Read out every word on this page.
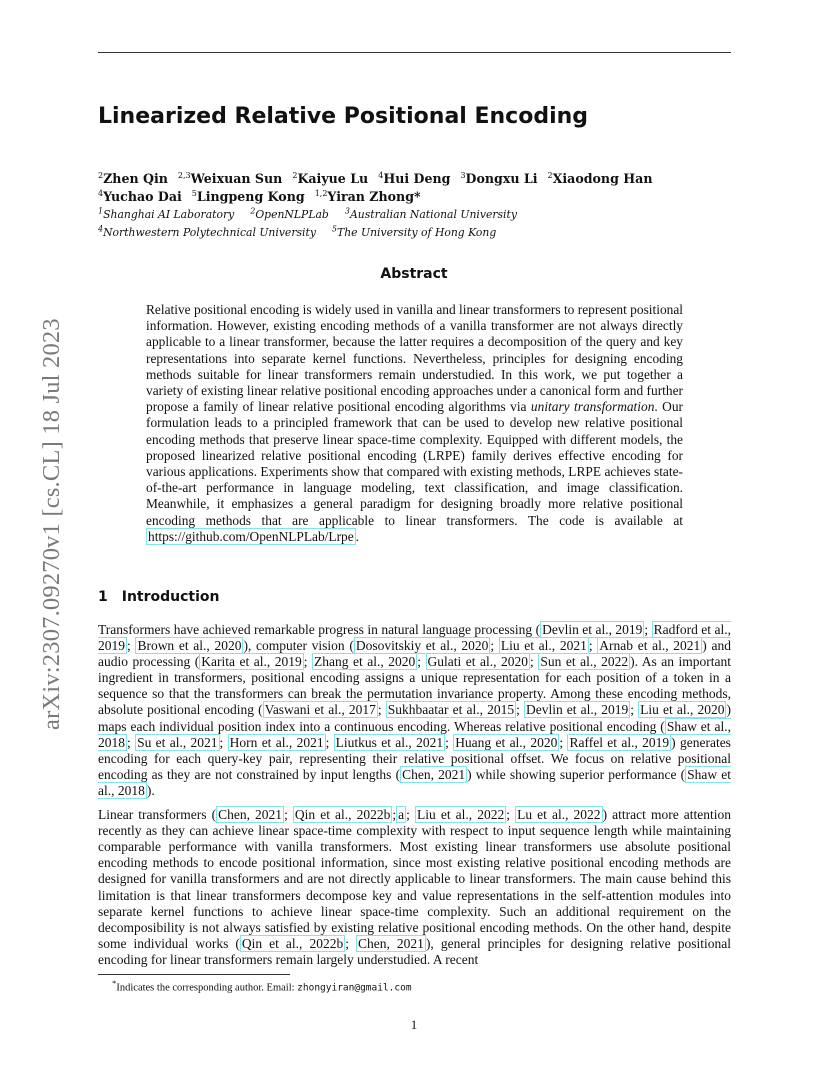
arXiv:2307.09270v1 [cs.CL] 18 Jul 2023
Linearized Relative Positional Encoding
$^2$Zhen Qin $^{2,3}$Weixuan Sun $^2$Kaiyue Lu $^4$Hui Deng $^3$Dongxu Li $^2$Xiaodong Han
$^4$Yuchao Dai $^5$Lingpeng Kong $^{1,2}$Yiran Zhong*
$^1$Shanghai AI Laboratory $^2$OpenNLPLab $^3$Australian National University
$^4$Northwestern Polytechnical University $^5$The University of Hong Kong
Abstract

Relative positional encoding is widely used in vanilla and linear transformers to represent positional information. However, existing encoding methods of a vanilla transformer are not always directly applicable to a linear transformer, because the latter requires a decomposition of the query and key representations into separate kernel functions. Nevertheless, principles for designing encoding methods suitable for linear transformers remain understudied. In this work, we put together a variety of existing linear relative positional encoding approaches under a canonical form and further propose a family of linear relative positional encoding algorithms via unitary transformation. Our formulation leads to a principled framework that can be used to develop new relative positional encoding methods that preserve linear space-time complexity. Equipped with different models, the proposed linearized relative positional encoding (LRPE) family derives effective encoding for various applications. Experiments show that compared with existing methods, LRPE achieves state-of-the-art performance in language modeling, text classification, and image classification. Meanwhile, it emphasizes a general paradigm for designing broadly more relative positional encoding methods that are applicable to linear transformers. The code is available at https://github.com/OpenNLPLab/Lrpe .

1 Introduction

Transformers have achieved remarkable progress in natural language processing ( Devlin et al., 2019 ; Radford et al., 2019 ; Brown et al., 2020 ), computer vision ( Dosovitskiy et al., 2020 ; Liu et al., 2021 ; Arnab et al., 2021 ) and audio processing ( Karita et al., 2019 ; Zhang et al., 2020 ; Gulati et al., 2020 ; Sun et al., 2022 ). As an important ingredient in transformers, positional encoding assigns a unique representation for each position of a token in a sequence so that the transformers can break the permutation invariance property. Among these encoding methods, absolute positional encoding ( Vaswani et al., 2017 ; Sukhbaatar et al., 2015 ; Devlin et al., 2019 ; Liu et al., 2020 ) maps each individual position index into a continuous encoding. Whereas relative positional encoding ( Shaw et al., 2018 ; Su et al., 2021 ; Horn et al., 2021 ; Liutkus et al., 2021 ; Huang et al., 2020 ; Raffel et al., 2019 ) generates encoding for each query-key pair, representing their relative positional offset. We focus on relative positional encoding as they are not constrained by input lengths ( Chen, 2021 ) while showing superior performance ( Shaw et al., 2018 ).

Linear transformers ( Chen, 2021 ; Qin et al., 2022b ; a ; Liu et al., 2022 ; Lu et al., 2022 ) attract more attention recently as they can achieve linear space-time complexity with respect to input sequence length while maintaining comparable performance with vanilla transformers. Most existing linear transformers use absolute positional encoding methods to encode positional information, since most existing relative positional encoding methods are designed for vanilla transformers and are not directly applicable to linear transformers. The main cause behind this limitation is that linear transformers decompose key and value representations in the self-attention modules into separate kernel functions to achieve linear space-time complexity. Such an additional requirement on the decomposibility is not always satisfied by existing relative positional encoding methods. On the other hand, despite some individual works ( Qin et al., 2022b ; Chen, 2021 ), general principles for designing relative positional encoding for linear transformers remain largely understudied. A recent

*Indicates the corresponding author. Email: zhongyiran@gmail.com
1
